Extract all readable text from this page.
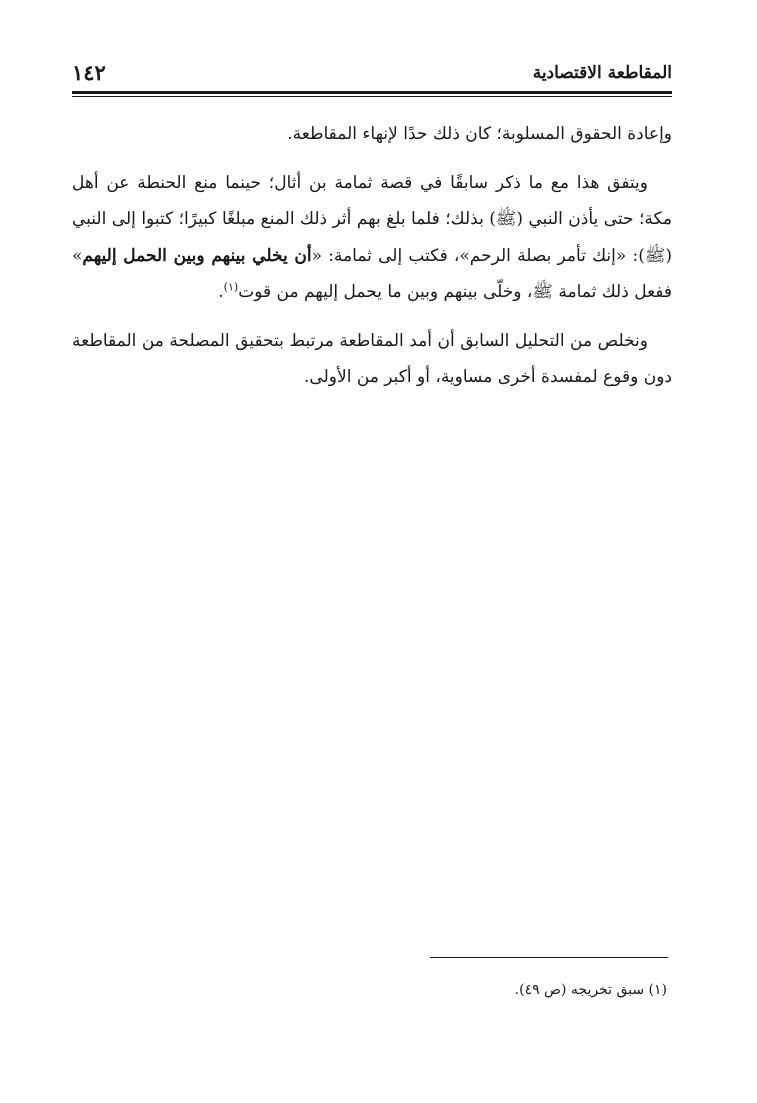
المقاطعة الاقتصادية
١٤٢

وإعادة الحقوق المسلوبة؛ كان ذلك حدًا لإنهاء المقاطعة.

ويتفق هذا مع ما ذكر سابقًا في قصة ثمامة بن أثال؛ حينما منع الحنطة عن أهل مكة؛ حتى يأذن النبي (ﷺ) بذلك؛ فلما بلغ بهم أثر ذلك المنع مبلغًا كبيرًا؛ كتبوا إلى النبي (ﷺ): «إنك تأمر بصلة الرحم»، فكتب إلى ثمامة: «أن يخلي بينهم وبين الحمل إليهم» ففعل ذلك ثمامة ﷺ، وخلّى بينهم وبين ما يحمل إليهم من قوت$^{(١)}$.

ونخلص من التحليل السابق أن أمد المقاطعة مرتبط بتحقيق المصلحة من المقاطعة دون وقوع لمفسدة أخرى مساوية، أو أكبر من الأولى.

(١) سبق تخريجه (ص ٤٩).
